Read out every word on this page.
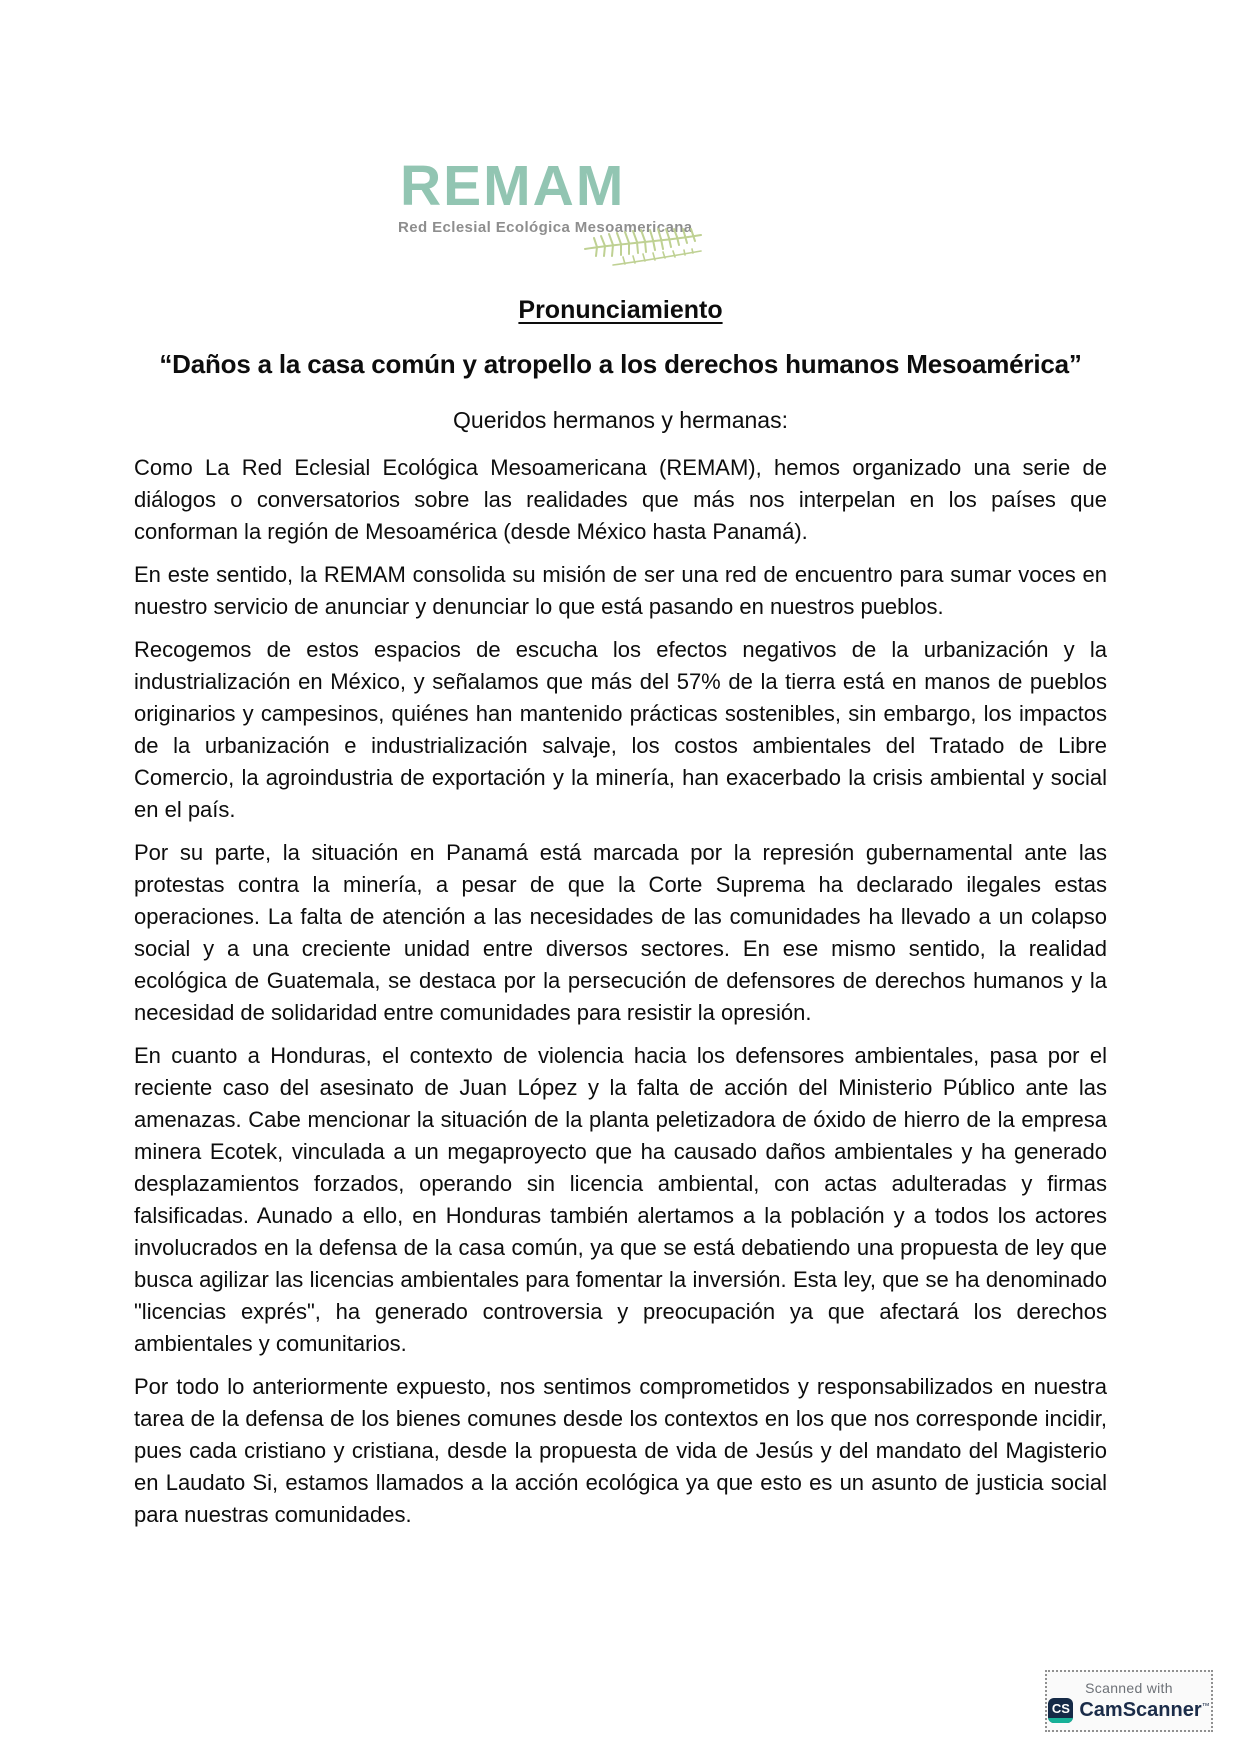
REMAM
Red Eclesial Ecológica Mesoamericana
Pronunciamiento
“Daños a la casa común y atropello a los derechos humanos Mesoamérica”

Queridos hermanos y hermanas:

Como La Red Eclesial Ecológica Mesoamericana (REMAM), hemos organizado una serie de diálogos o conversatorios sobre las realidades que más nos interpelan en los países que conforman la región de Mesoamérica (desde México hasta Panamá).

En este sentido, la REMAM consolida su misión de ser una red de encuentro para sumar voces en nuestro servicio de anunciar y denunciar lo que está pasando en nuestros pueblos.

Recogemos de estos espacios de escucha los efectos negativos de la urbanización y la industrialización en México, y señalamos que más del 57% de la tierra está en manos de pueblos originarios y campesinos, quiénes han mantenido prácticas sostenibles, sin embargo, los impactos de la urbanización e industrialización salvaje, los costos ambientales del Tratado de Libre Comercio, la agroindustria de exportación y la minería, han exacerbado la crisis ambiental y social en el país.

Por su parte, la situación en Panamá está marcada por la represión gubernamental ante las protestas contra la minería, a pesar de que la Corte Suprema ha declarado ilegales estas operaciones. La falta de atención a las necesidades de las comunidades ha llevado a un colapso social y a una creciente unidad entre diversos sectores. En ese mismo sentido, la realidad ecológica de Guatemala, se destaca por la persecución de defensores de derechos humanos y la necesidad de solidaridad entre comunidades para resistir la opresión.

En cuanto a Honduras, el contexto de violencia hacia los defensores ambientales, pasa por el reciente caso del asesinato de Juan López y la falta de acción del Ministerio Público ante las amenazas. Cabe mencionar la situación de la planta peletizadora de óxido de hierro de la empresa minera Ecotek, vinculada a un megaproyecto que ha causado daños ambientales y ha generado desplazamientos forzados, operando sin licencia ambiental, con actas adulteradas y firmas falsificadas. Aunado a ello, en Honduras también alertamos a la población y a todos los actores involucrados en la defensa de la casa común, ya que se está debatiendo una propuesta de ley que busca agilizar las licencias ambientales para fomentar la inversión. Esta ley, que se ha denominado "licencias exprés", ha generado controversia y preocupación ya que afectará los derechos ambientales y comunitarios.

Por todo lo anteriormente expuesto, nos sentimos comprometidos y responsabilizados en nuestra tarea de la defensa de los bienes comunes desde los contextos en los que nos corresponde incidir, pues cada cristiano y cristiana, desde la propuesta de vida de Jesús y del mandato del Magisterio en Laudato Si, estamos llamados a la acción ecológica ya que esto es un asunto de justicia social para nuestras comunidades.

Scanned with
CS CamScanner™
